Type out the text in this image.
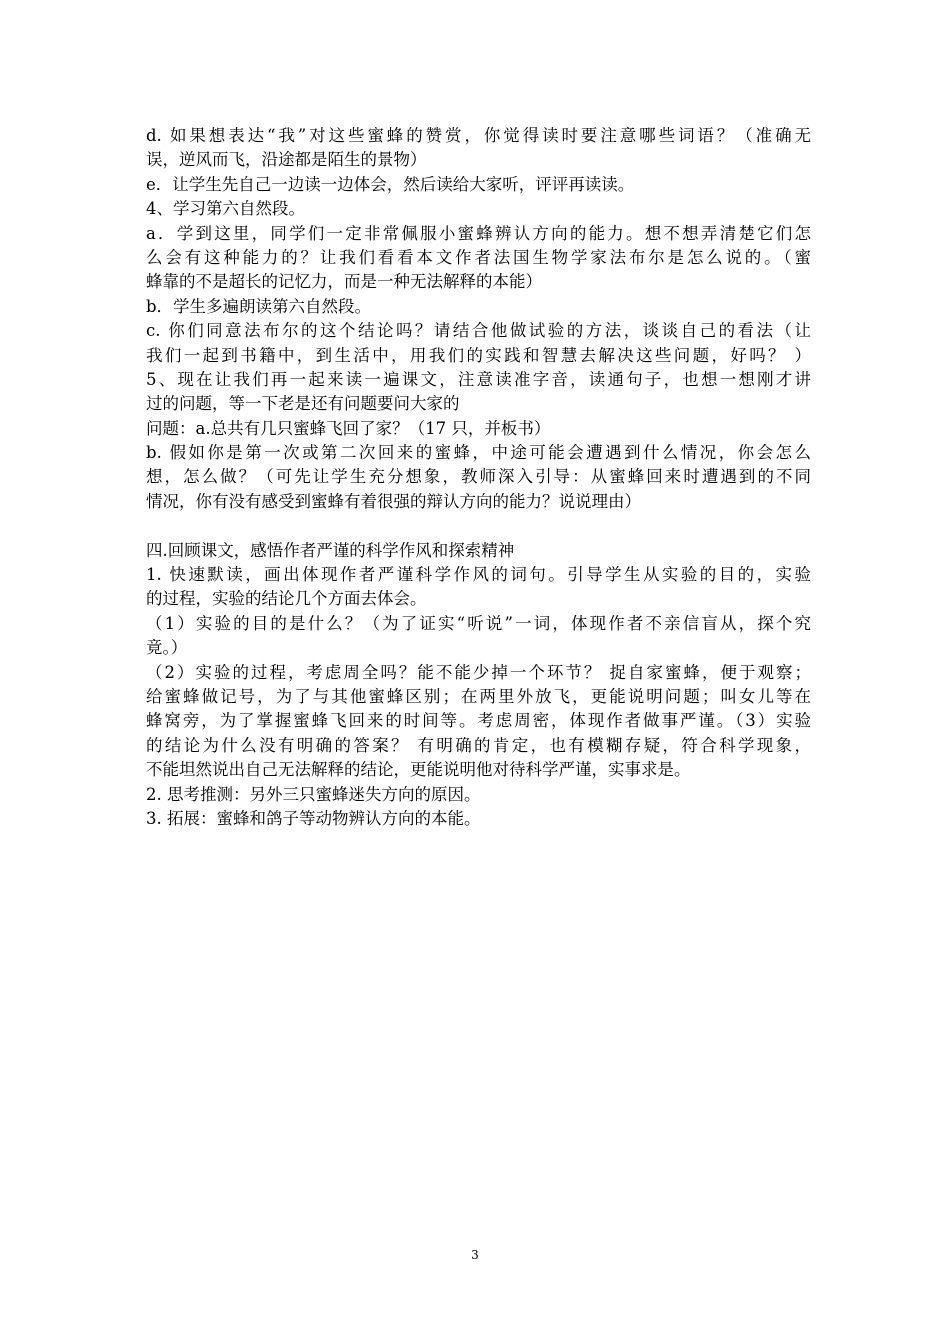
d. 如果想表达“我”对这些蜜蜂的赞赏，你觉得读时要注意哪些词语？（准确无
误，逆风而飞，沿途都是陌生的景物）
e．让学生先自己一边读一边体会，然后读给大家听，评评再读读。
4、学习第六自然段。
a．学到这里，同学们一定非常佩服小蜜蜂辨认方向的能力。想不想弄清楚它们怎
么会有这种能力的？让我们看看本文作者法国生物学家法布尔是怎么说的。（蜜
蜂靠的不是超长的记忆力，而是一种无法解释的本能）
b．学生多遍朗读第六自然段。
c. 你们同意法布尔的这个结论吗？请结合他做试验的方法，谈谈自己的看法（让
我们一起到书籍中，到生活中，用我们的实践和智慧去解决这些问题，好吗？ ）
5、现在让我们再一起来读一遍课文，注意读准字音，读通句子，也想一想刚才讲
过的问题，等一下老是还有问题要问大家的
问题：a.总共有几只蜜蜂飞回了家？（17 只，并板书）
b. 假如你是第一次或第二次回来的蜜蜂，中途可能会遭遇到什么情况，你会怎么
想，怎么做？（可先让学生充分想象，教师深入引导：从蜜蜂回来时遭遇到的不同
情况，你有没有感受到蜜蜂有着很强的辩认方向的能力？说说理由）
四.回顾课文，感悟作者严谨的科学作风和探索精神
1. 快速默读，画出体现作者严谨科学作风的词句。引导学生从实验的目的，实验
的过程，实验的结论几个方面去体会。
（1）实验的目的是什么？（为了证实“听说”一词，体现作者不亲信盲从，探个究
竟。）
（2）实验的过程，考虑周全吗？能不能少掉一个环节？ 捉自家蜜蜂，便于观察；
给蜜蜂做记号，为了与其他蜜蜂区别；在两里外放飞，更能说明问题；叫女儿等在
蜂窝旁，为了掌握蜜蜂飞回来的时间等。考虑周密，体现作者做事严谨。（3）实验
的结论为什么没有明确的答案？ 有明确的肯定，也有模糊存疑，符合科学现象，
不能坦然说出自己无法解释的结论，更能说明他对待科学严谨，实事求是。
2. 思考推测：另外三只蜜蜂迷失方向的原因。
3. 拓展：蜜蜂和鸽子等动物辨认方向的本能。
3
